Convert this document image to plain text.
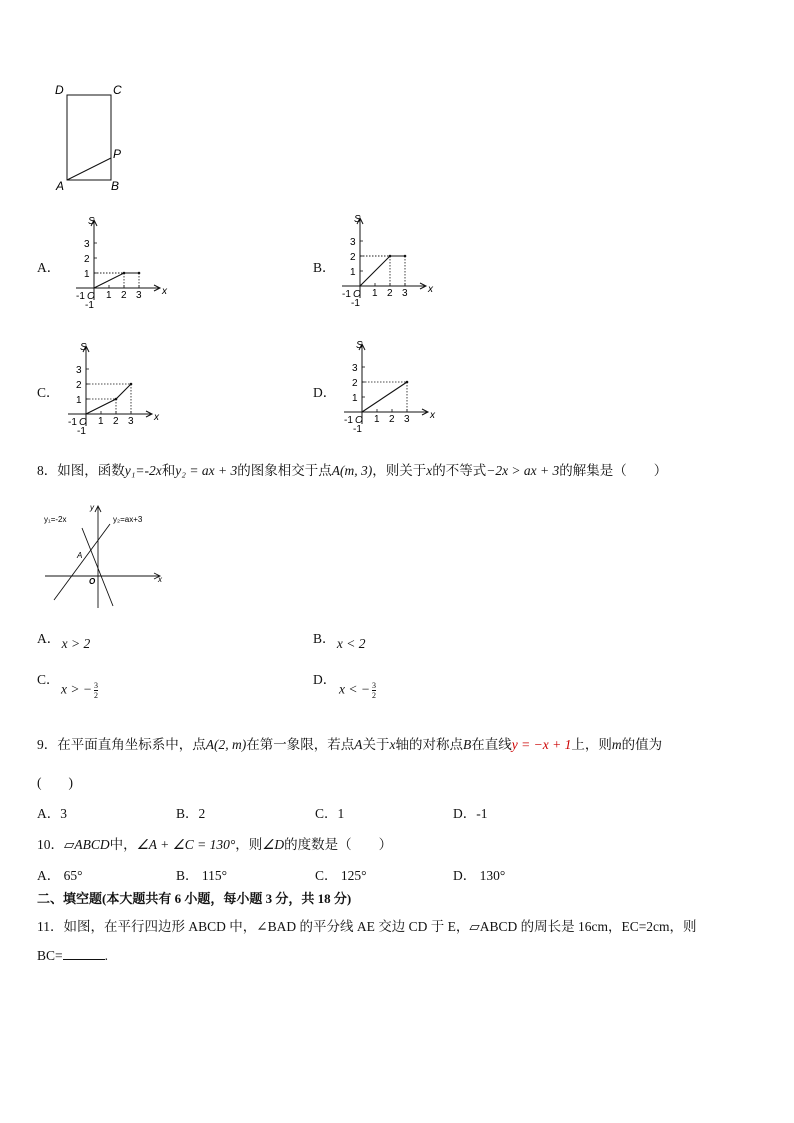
D	C
P
A	B
A．	B．
C．	D．
1 2 3
1
2
3
S
x
O
-1
-1
1 2 3
1
2
3
S
x
O
-1
-1
1 2 3
1
2
3
S
x
O
-1
-1
1 2 3
1
2
3
S
x
O
-1
-1
8．如图，函数y₁=-2x和y₂ = ax + 3的图象相交于点A(m, 3)，则关于x的不等式−2x > ax + 3的解集是（　　）
y₁=-2x	y₂=ax+3
x
y
O
A
A． x > 2	B． x < 2
C．
x > − $\frac{3}{2}$
D．
x < − $\frac{3}{2}$
9．在平面直角坐标系中，点A(2, m)在第一象限，若点A关于x轴的对称点B在直线y = −x + 1上，则m的值为
(　　)
A．3	B．2	C．1	D．-1
10．▱ABCD中，∠A + ∠C = 130°，则∠D的度数是（　　）
A． 65°	B． 115°	C． 125°	D． 130°
二、填空题(本大题共有 6 小题，每小题 3 分，共 18 分)
11．如图，在平行四边形 ABCD 中，∠BAD 的平分线 AE 交边 CD 于 E，▱ABCD 的周长是 16cm，EC=2cm，则
BC=	.
